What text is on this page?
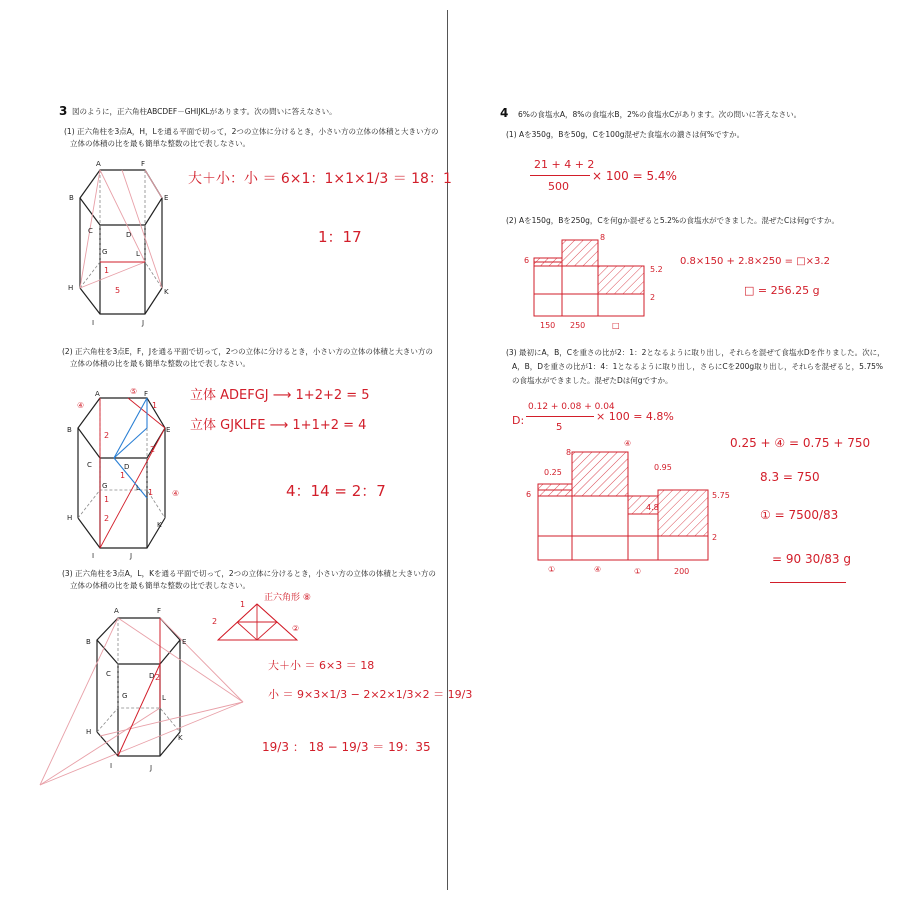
3 図のように，正六角柱ABCDEF－GHIJKLがあります。次の問いに答えなさい。
(1) 正六角柱を3点A，H，Lを通る平面で切って，2つの立体に分けるとき，小さい方の立体の体積と大きい方の
立体の体積の比を最も簡単な整数の比で表しなさい。
大＋小：小 ＝ 6×1：1×1×1/3 ＝ 18：1
1：17
A	F
B	E
C	D
G	L
H	K
I	J
1
5
(2) 正六角柱を3点E，F，Jを通る平面で切って，2つの立体に分けるとき，小さい方の立体の体積と大きい方の
立体の体積の比を最も簡単な整数の比で表しなさい。
立体 ADEFGJ ⟶ 1+2+2 = 5
立体 GJKLFE ⟶ 1+1+2 = 4
4：14 = 2：7
A	F
B	E
C	D
G	L
H
K
I	J
⑤
④	1
2
2
1
1
1 ④
2
(3) 正六角柱を3点A，L，Kを通る平面で切って，2つの立体に分けるとき，小さい方の立体の体積と大きい方の
立体の体積の比を最も簡単な整数の比で表しなさい。
A	F
B	E
C	D
G	L
H
K
I	J
2
1
2
②
正六角形 ⑧
大＋小 ＝ 6×3 ＝ 18
小 ＝ 9×3×1/3 − 2×2×1/3×2 ＝ 19/3
19/3 ： 18 − 19/3 ＝ 19：35
4 6%の食塩水A，8%の食塩水B，2%の食塩水Cがあります。次の問いに答えなさい。
(1) Aを350g，Bを50g，Cを100g混ぜた食塩水の濃さは何%ですか。
21 + 4 + 2
500
× 100 = 5.4%
(2) Aを150g，Bを250g，Cを何gか混ぜると5.2%の食塩水ができました。混ぜたCは何gですか。
6
8
5.2
2
150 250	□
0.8×150 + 2.8×250 = □×3.2
□ = 256.25 g
(3) 最初にA，B，Cを重さの比が2：1：2となるように取り出し，それらを混ぜて食塩水Dを作りました。次に，
A，B，Dを重さの比が1：4：1となるように取り出し，さらにCを200g取り出し，それらを混ぜると，5.75%
の食塩水ができました。混ぜたDは何gですか。
D:
0.12 + 0.08 + 0.04
5
× 100 = 4.8%
6
8
0.25
④
0.95
4.8
5.75
2
①	④	①	200
0.25 + ④ = 0.75 + 750
8.3 = 750
① = 7500/83
= 90 30/83 g
